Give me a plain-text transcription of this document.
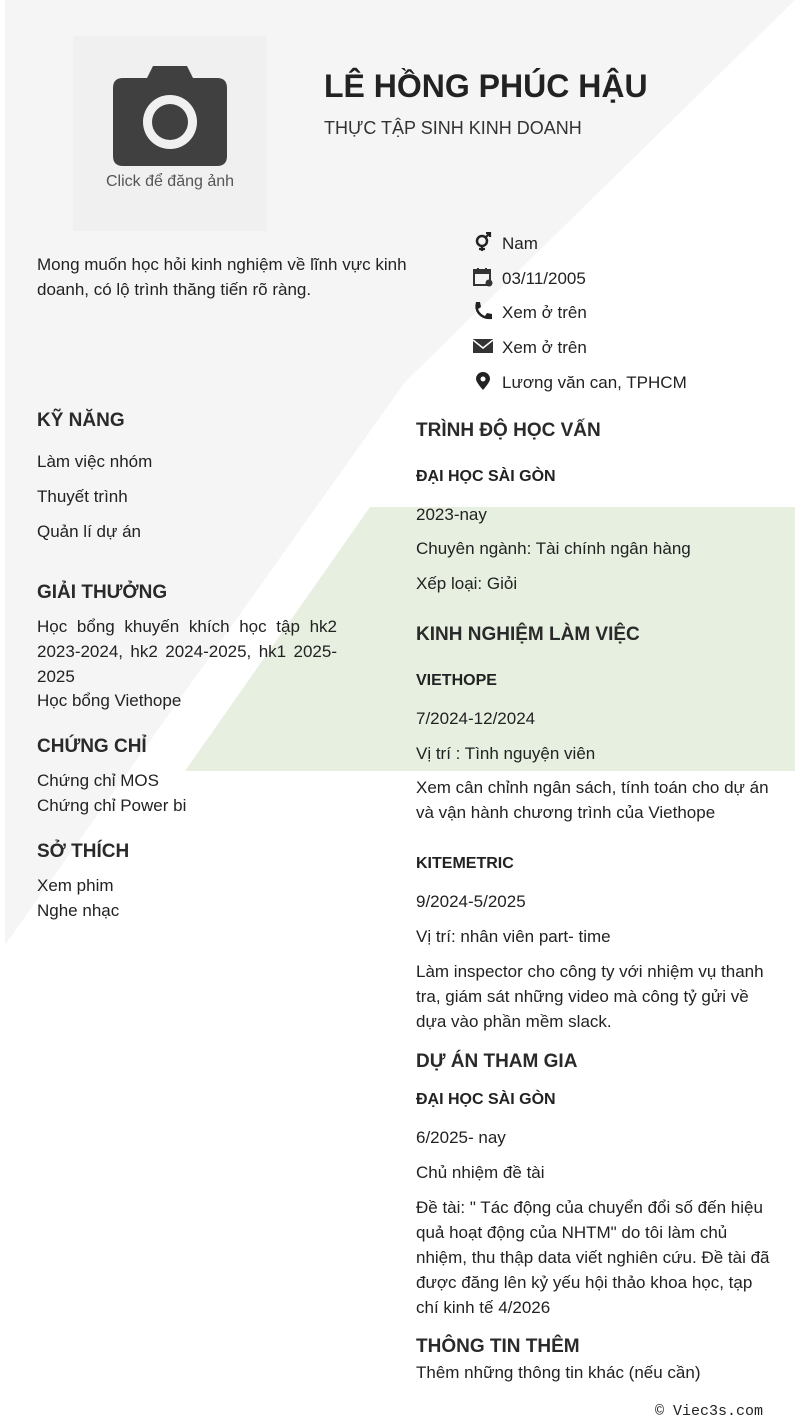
Click để đăng ảnh
LÊ HỒNG PHÚC HẬU
THỰC TẬP SINH KINH DOANH
Mong muốn học hỏi kinh nghiệm về lĩnh vực kinh doanh, có lộ trình thăng tiến rõ ràng.
Nam
03/11/2005
Xem ở trên
Xem ở trên
Lương văn can, TPHCM
KỸ NĂNG
Làm việc nhóm
Thuyết trình
Quản lí dự án
GIẢI THƯỞNG
Học bổng khuyến khích học tập hk2 2023-2024, hk2 2024-2025, hk1 2025-2025
Học bổng Viethope
CHỨNG CHỈ
Chứng chỉ MOS
Chứng chỉ Power bi
SỞ THÍCH
Xem phim
Nghe nhạc
TRÌNH ĐỘ HỌC VẤN
ĐẠI HỌC SÀI GÒN
2023-nay
Chuyên ngành: Tài chính ngân hàng
Xếp loại: Giỏi
KINH NGHIỆM LÀM VIỆC
VIETHOPE
7/2024-12/2024
Vị trí : Tình nguyện viên
Xem cân chỉnh ngân sách, tính toán cho dự án và vận hành chương trình của Viethope
KITEMETRIC
9/2024-5/2025
Vị trí: nhân viên part- time
Làm inspector cho công ty với nhiệm vụ thanh tra, giám sát những video mà công tỷ gửi về dựa vào phần mềm slack.
DỰ ÁN THAM GIA
ĐẠI HỌC SÀI GÒN
6/2025- nay
Chủ nhiệm đề tài
Đề tài: " Tác động của chuyển đổi số đến hiệu quả hoạt động của NHTM" do tôi làm chủ nhiệm, thu thập data viết nghiên cứu. Đề tài đã được đăng lên kỷ yếu hội thảo khoa học, tạp chí kinh tế 4/2026
THÔNG TIN THÊM
Thêm những thông tin khác (nếu cần)
© Viec3s.com
